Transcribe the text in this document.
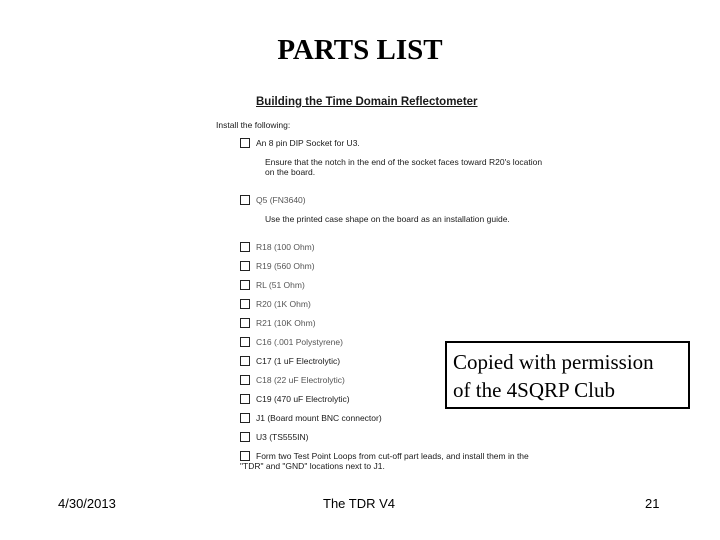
PARTS LIST
Building the Time Domain Reflectometer
Install the following:
An 8 pin DIP Socket for U3.
Ensure that the notch in the end of the socket faces toward R20's location
on the board.
Q5 (FN3640)
Use the printed case shape on the board as an installation guide.
R18 (100 Ohm)
R19 (560 Ohm)
RL (51 Ohm)
R20 (1K Ohm)
R21 (10K Ohm)
C16 (.001 Polystyrene)
C17 (1 uF Electrolytic)
C18 (22 uF Electrolytic)
C19 (470 uF Electrolytic)
J1 (Board mount BNC connector)
U3 (TS555IN)
Form two Test Point Loops from cut-off part leads, and install them in the
"TDR" and "GND" locations next to J1.
Copied with permission
of the 4SQRP Club
4/30/2013	The TDR V4	21
